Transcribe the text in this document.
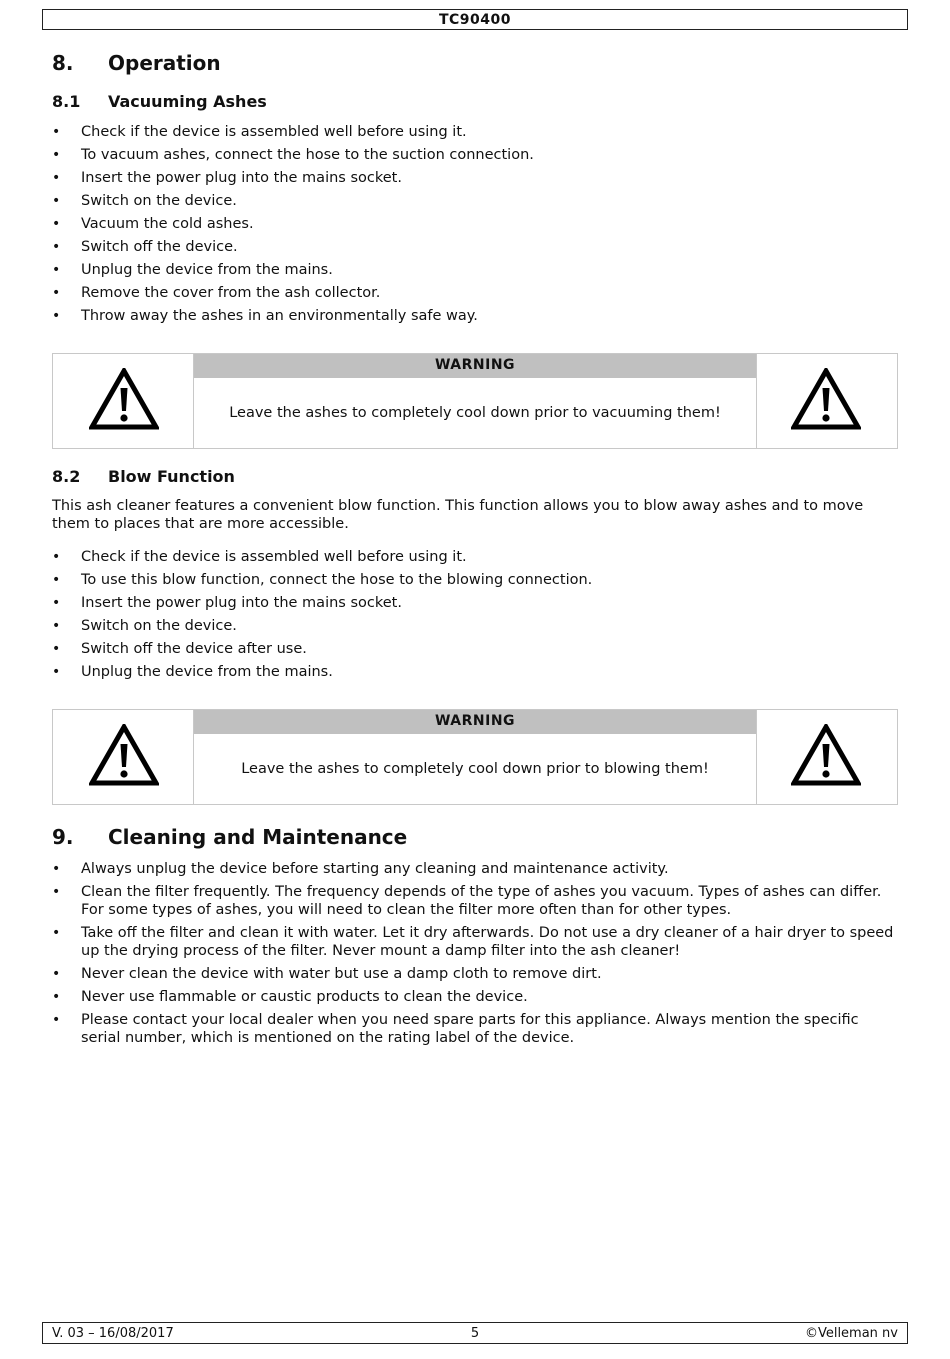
TC90400
8. Operation
8.1 Vacuuming Ashes
• Check if the device is assembled well before using it.
• To vacuum ashes, connect the hose to the suction connection.
• Insert the power plug into the mains socket.
• Switch on the device.
• Vacuum the cold ashes.
• Switch off the device.
• Unplug the device from the mains.
• Remove the cover from the ash collector.
• Throw away the ashes in an environmentally safe way.
WARNING
Leave the ashes to completely cool down prior to vacuuming them!
8.2 Blow Function

This ash cleaner features a convenient blow function. This function allows you to blow away ashes and to move them to places that are more accessible.

• Check if the device is assembled well before using it.
• To use this blow function, connect the hose to the blowing connection.
• Insert the power plug into the mains socket.
• Switch on the device.
• Switch off the device after use.
• Unplug the device from the mains.
WARNING
Leave the ashes to completely cool down prior to blowing them!
9. Cleaning and Maintenance
• Always unplug the device before starting any cleaning and maintenance activity.
• Clean the filter frequently. The frequency depends of the type of ashes you vacuum. Types of ashes can differ. For some types of ashes, you will need to clean the filter more often than for other types.
• Take off the filter and clean it with water. Let it dry afterwards. Do not use a dry cleaner of a hair dryer to speed up the drying process of the filter. Never mount a damp filter into the ash cleaner!
• Never clean the device with water but use a damp cloth to remove dirt.
• Never use flammable or caustic products to clean the device.
• Please contact your local dealer when you need spare parts for this appliance. Always mention the specific serial number, which is mentioned on the rating label of the device.
V. 03 – 16/08/2017	5	©Velleman nv
